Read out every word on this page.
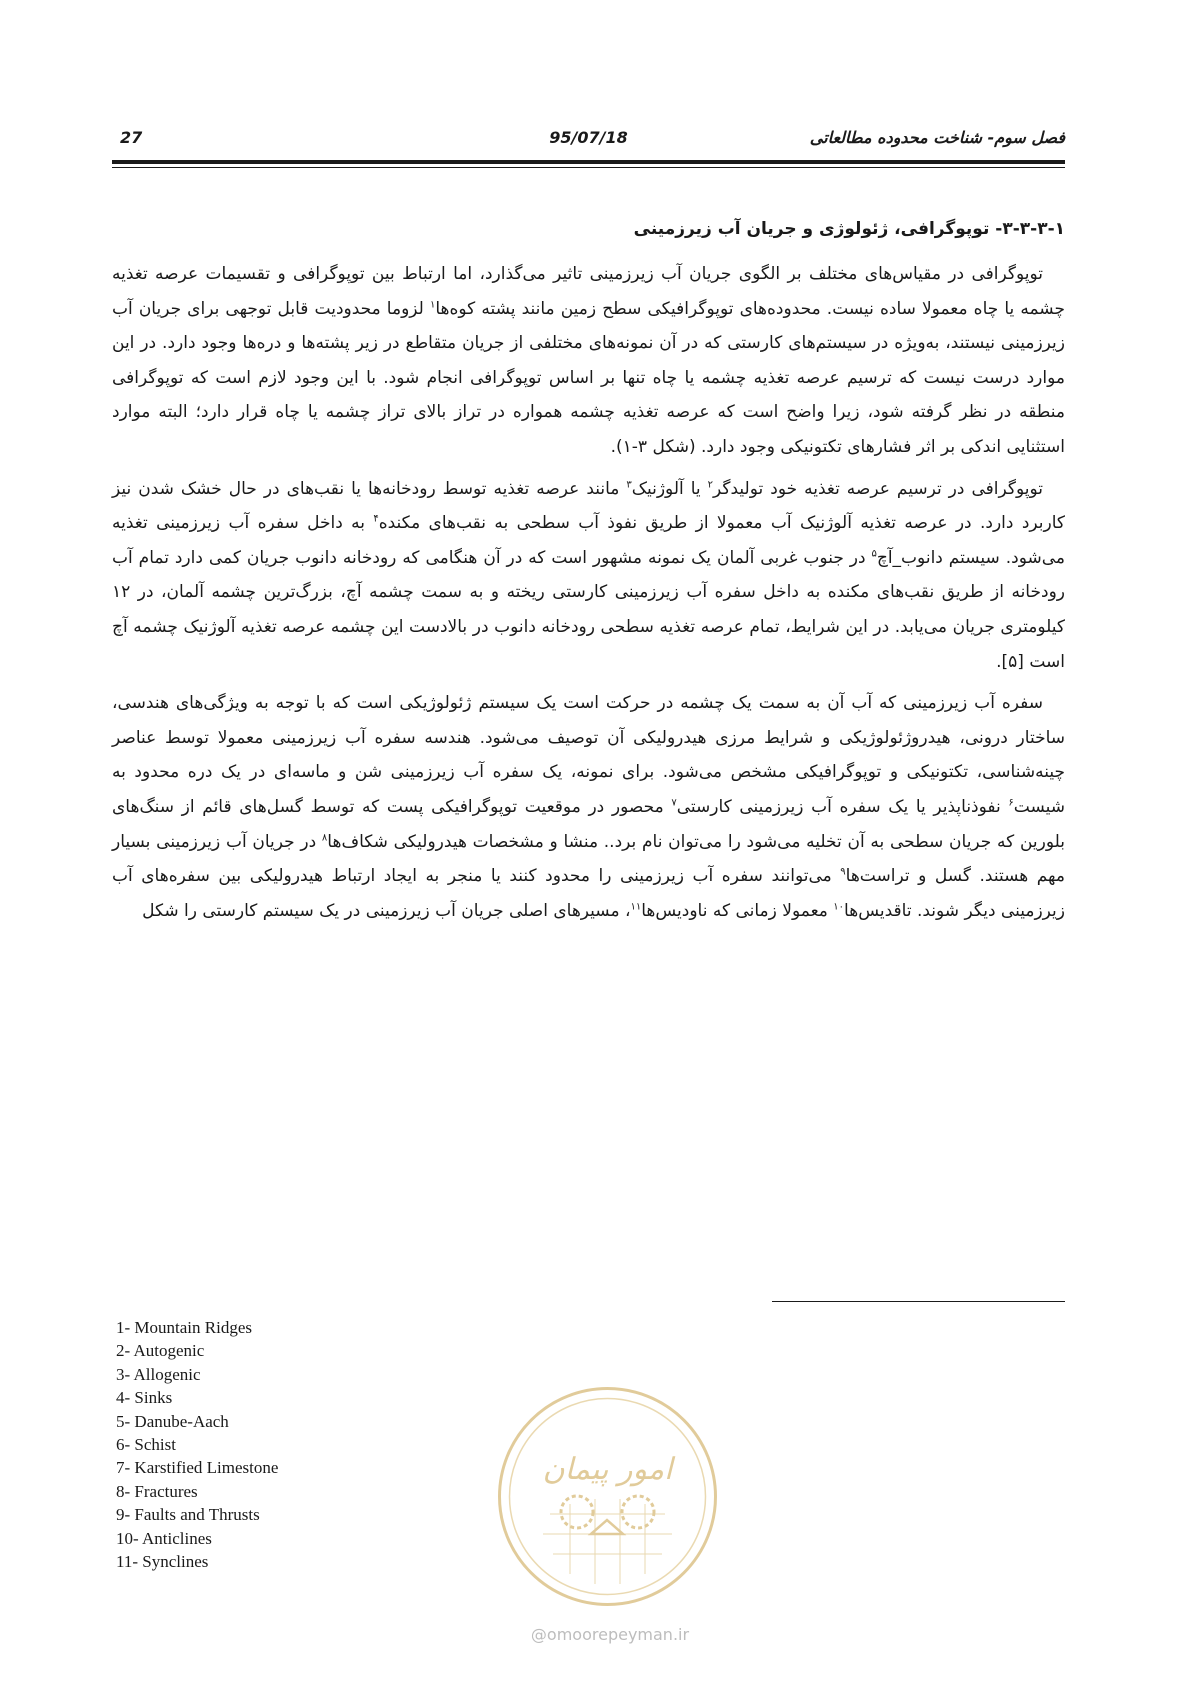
فصل سوم- شناخت محدوده مطالعاتی
95/07/18
27
۳-۳-۳-۱- توپوگرافی، ژئولوژی و جریان آب زیرزمینی

توپوگرافی در مقیاس‌های مختلف بر الگوی جریان آب زیرزمینی تاثیر می‌گذارد، اما ارتباط بین توپوگرافی و تقسیمات عرصه تغذیه چشمه یا چاه معمولا ساده نیست. محدوده‌های توپوگرافیکی سطح زمین مانند پشته کوه‌ها$^۱$ لزوما محدودیت قابل توجهی برای جریان آب زیرزمینی نیستند، به‌ویژه در سیستم‌های کارستی که در آن نمونه‌های مختلفی از جریان متقاطع در زیر پشته‌ها و دره‌ها وجود دارد. در این موارد درست نیست که ترسیم عرصه تغذیه چشمه یا چاه تنها بر اساس توپوگرافی انجام شود. با این وجود لازم است که توپوگرافی منطقه در نظر گرفته شود، زیرا واضح است که عرصه تغذیه چشمه همواره در تراز بالای تراز چشمه یا چاه قرار دارد؛ البته موارد استثنایی اندکی بر اثر فشارهای تکتونیکی وجود دارد. (شکل ۳-۱).

توپوگرافی در ترسیم عرصه تغذیه خود تولیدگر$^۲$ یا آلوژنیک$^۳$ مانند عرصه تغذیه توسط رودخانه‌ها یا نقب‌های در حال خشک شدن نیز کاربرد دارد. در عرصه تغذیه آلوژنیک آب معمولا از طریق نفوذ آب سطحی به نقب‌های مکنده$^۴$ به داخل سفره آب زیرزمینی تغذیه می‌شود. سیستم دانوب_آچ$^۵$ در جنوب غربی آلمان یک نمونه مشهور است که در آن هنگامی که رودخانه دانوب جریان کمی دارد تمام آب رودخانه از طریق نقب‌های مکنده به داخل سفره آب زیرزمینی کارستی ریخته و به سمت چشمه آچ، بزرگ‌ترین چشمه آلمان، در ۱۲ کیلومتری جریان می‌یابد. در این شرایط، تمام عرصه تغذیه سطحی رودخانه دانوب در بالادست این چشمه عرصه تغذیه آلوژنیک چشمه آچ است [۵].

سفره آب زیرزمینی که آب آن به سمت یک چشمه در حرکت است یک سیستم ژئولوژیکی است که با توجه به ویژگی‌های هندسی، ساختار درونی، هیدروژئولوژیکی و شرایط مرزی هیدرولیکی آن توصیف می‌شود. هندسه سفره آب زیرزمینی معمولا توسط عناصر چینه‌شناسی، تکتونیکی و توپوگرافیکی مشخص می‌شود. برای نمونه، یک سفره آب زیرزمینی شن و ماسه‌ای در یک دره محدود به شیست$^۶$ نفوذناپذیر یا یک سفره آب زیرزمینی کارستی$^۷$ محصور در موقعیت توپوگرافیکی پست که توسط گسل‌های قائم از سنگ‌های بلورین که جریان سطحی به آن تخلیه می‌شود را می‌توان نام برد.. منشا و مشخصات هیدرولیکی شکاف‌ها$^۸$ در جریان آب زیرزمینی بسیار مهم هستند. گسل و تراست‌ها$^۹$ می‌توانند سفره آب زیرزمینی را محدود کنند یا منجر به ایجاد ارتباط هیدرولیکی بین سفره‌های آب زیرزمینی دیگر شوند. تاقدیس‌ها$^{۱۰}$ معمولا زمانی که ناودیس‌ها$^{۱۱}$، مسیرهای اصلی جریان آب زیرزمینی در یک سیستم کارستی را شکل

1- Mountain Ridges
2- Autogenic
3- Allogenic
4- Sinks
5- Danube-Aach
6- Schist
7- Karstified Limestone
8- Fractures
9- Faults and Thrusts
10- Anticlines
11- Synclines
امور پیمان
@omoorepeyman.ir
